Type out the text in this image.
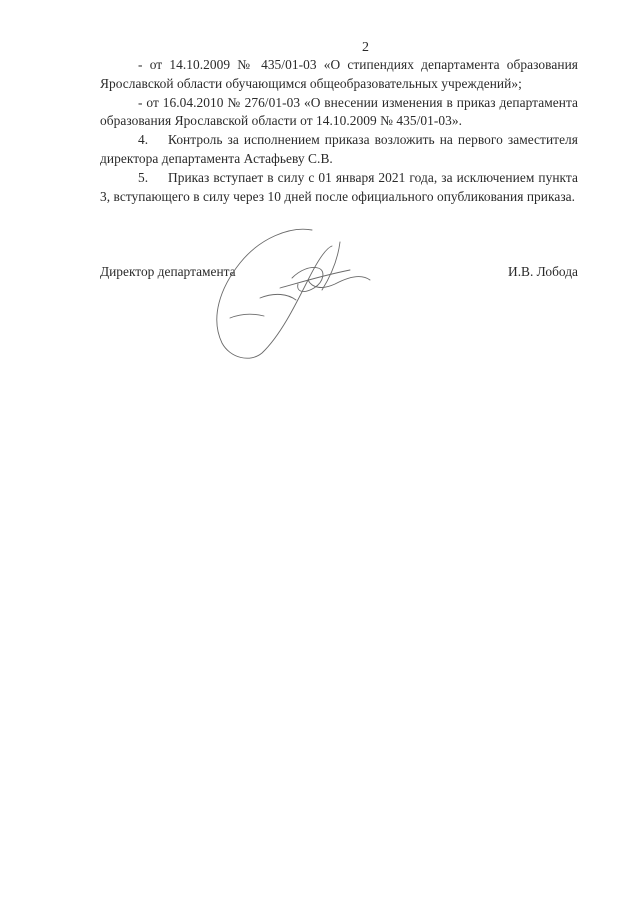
2

- от 14.10.2009 № 435/01-03 «О стипендиях департамента образования Ярославской области обучающимся общеобразовательных учреждений»;

- от 16.04.2010 № 276/01-03 «О внесении изменения в приказ департамента образования Ярославской области от 14.10.2009 № 435/01-03».

4. Контроль за исполнением приказа возложить на первого заместителя директора департамента Астафьеву С.В.

5. Приказ вступает в силу с 01 января 2021 года, за исключением пункта 3, вступающего в силу через 10 дней после официального опубликования приказа.

Директор департамента	И.В. Лобода
